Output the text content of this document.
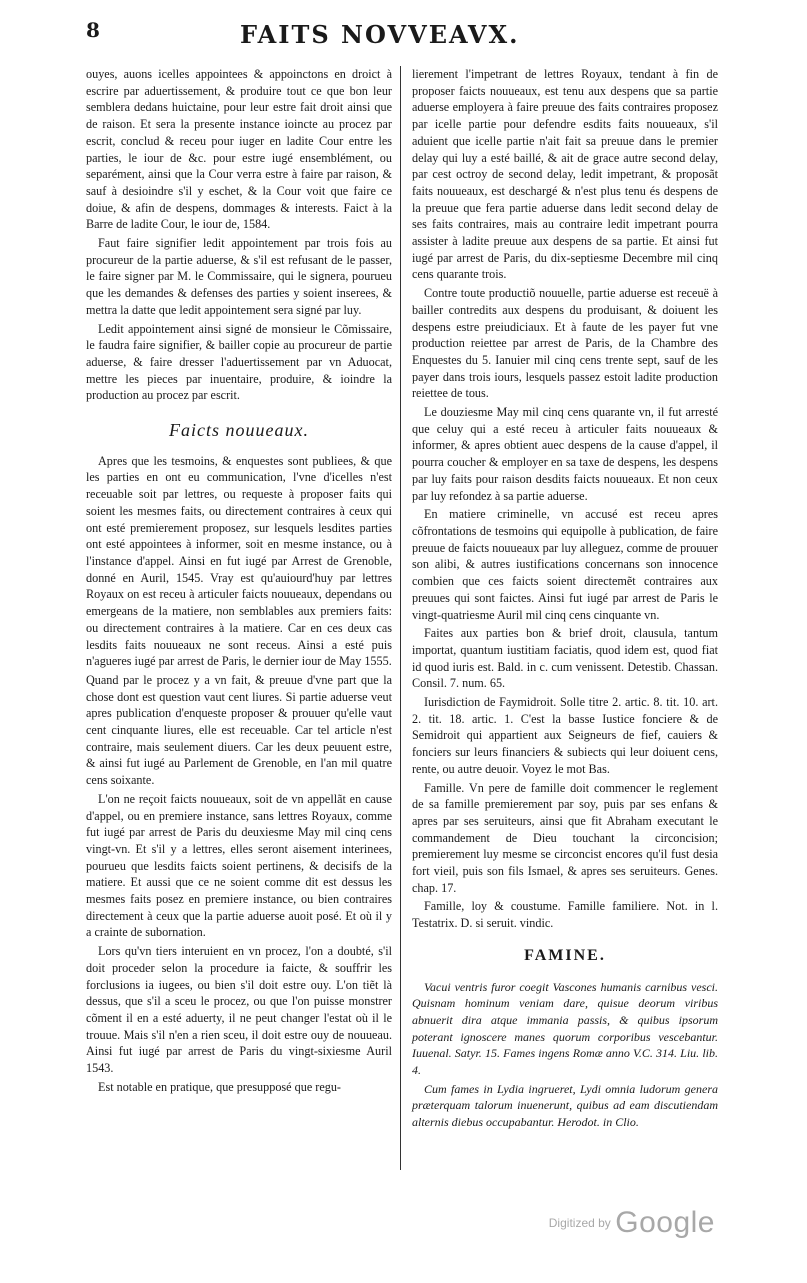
8	FAITS NOVVEAVX.

ouyes, auons icelles appointees & appoinctons en droict à escrire par aduertissement, & produire tout ce que bon leur semblera dedans huictaine, pour leur estre fait droit ainsi que de raison. Et sera la presente instance ioincte au procez par escrit, conclud & receu pour iuger en ladite Cour entre les parties, le iour de &c. pour estre iugé ensemblément, ou separément, ainsi que la Cour verra estre à faire par raison, & sauf à desioindre s'il y eschet, & la Cour voit que faire ce doiue, & afin de despens, dommages & interests. Faict à la Barre de ladite Cour, le iour de, 1584.

Faut faire signifier ledit appointement par trois fois au procureur de la partie aduerse, & s'il est refusant de le passer, le faire signer par M. le Commissaire, qui le signera, pourueu que les demandes & defenses des parties y soient inserees, & mettra la datte que ledit appointement sera signé par luy.

Ledit appointement ainsi signé de monsieur le Cõmissaire, le faudra faire signifier, & bailler copie au procureur de partie aduerse, & faire dresser l'aduertissement par vn Aduocat, mettre les pieces par inuentaire, produire, & ioindre la production au procez par escrit.

Faicts nouueaux.

Apres que les tesmoins, & enquestes sont publiees, & que les parties en ont eu communication, l'vne d'icelles n'est receuable soit par lettres, ou requeste à proposer faits qui soient les mesmes faits, ou directement contraires à ceux qui ont esté premierement proposez, sur lesquels lesdites parties ont esté appointees à informer, soit en mesme instance, ou à l'instance d'appel. Ainsi en fut iugé par Arrest de Grenoble, donné en Auril, 1545. Vray est qu'auiourd'huy par lettres Royaux on est receu à articuler faicts nouueaux, dependans ou emergeans de la matiere, non semblables aux premiers faits: ou directement contraires à la matiere. Car en ces deux cas lesdits faits nouueaux ne sont receus. Ainsi a esté puis n'agueres iugé par arrest de Paris, le dernier iour de May 1555.

Quand par le procez y a vn fait, & preuue d'vne part que la chose dont est question vaut cent liures. Si partie aduerse veut apres publication d'enqueste proposer & prouuer qu'elle vaut cent cinquante liures, elle est receuable. Car tel article n'est contraire, mais seulement diuers. Car les deux peuuent estre, & ainsi fut iugé au Parlement de Grenoble, en l'an mil quatre cens soixante.

L'on ne reçoit faicts nouueaux, soit de vn appellãt en cause d'appel, ou en premiere instance, sans lettres Royaux, comme fut iugé par arrest de Paris du deuxiesme May mil cinq cens vingt-vn. Et s'il y a lettres, elles seront aisement interinees, pourueu que lesdits faicts soient pertinens, & decisifs de la matiere. Et aussi que ce ne soient comme dit est dessus les mesmes faits posez en premiere instance, ou bien contraires directement à ceux que la partie aduerse auoit posé. Et où il y a crainte de subornation.

Lors qu'vn tiers interuient en vn procez, l'on a doubté, s'il doit proceder selon la procedure ia faicte, & souffrir les forclusions ia iugees, ou bien s'il doit estre ouy. L'on tiẽt là dessus, que s'il a sceu le procez, ou que l'on puisse monstrer cõment il en a esté aduerty, il ne peut changer l'estat où il le trouue. Mais s'il n'en a rien sceu, il doit estre ouy de nouueau. Ainsi fut iugé par arrest de Paris du vingt-sixiesme Auril 1543.

Est notable en pratique, que presupposé que regu-

lierement l'impetrant de lettres Royaux, tendant à fin de proposer faicts nouueaux, est tenu aux despens que sa partie aduerse employera à faire preuue des faits contraires proposez par icelle partie pour defendre esdits faits nouueaux, s'il aduient que icelle partie n'ait fait sa preuue dans le premier delay qui luy a esté baillé, & ait de grace autre second delay, par cest octroy de second delay, ledit impetrant, & proposãt faits nouueaux, est deschargé & n'est plus tenu és despens de la preuue que fera partie aduerse dans ledit second delay de ses faits contraires, mais au contraire ledit impetrant pourra assister à ladite preuue aux despens de sa partie. Et ainsi fut iugé par arrest de Paris, du dix-septiesme Decembre mil cinq cens quarante trois.

Contre toute productiõ nouuelle, partie aduerse est receuë à bailler contredits aux despens du produisant, & doiuent les despens estre preiudiciaux. Et à faute de les payer fut vne production reiettee par arrest de Paris, de la Chambre des Enquestes du 5. Ianuier mil cinq cens trente sept, sauf de les payer dans trois iours, lesquels passez estoit ladite production reiettee de tous.

Le douziesme May mil cinq cens quarante vn, il fut arresté que celuy qui a esté receu à articuler faits nouueaux & informer, & apres obtient auec despens de la cause d'appel, il pourra coucher & employer en sa taxe de despens, les despens par luy faits pour raison desdits faicts nouueaux. Et non ceux par luy refondez à sa partie aduerse.

En matiere criminelle, vn accusé est receu apres cõfrontations de tesmoins qui equipolle à publication, de faire preuue de faicts nouueaux par luy alleguez, comme de prouuer son alibi, & autres iustifications concernans son innocence combien que ces faicts soient directemẽt contraires aux preuues qui sont faictes. Ainsi fut iugé par arrest de Paris le vingt-quatriesme Auril mil cinq cens cinquante vn.

Faites aux parties bon & brief droit, clausula, tantum importat, quantum iustitiam faciatis, quod idem est, quod fiat id quod iuris est. Bald. in c. cum venissent. Detestib. Chassan. Consil. 7. num. 65.

Iurisdiction de Faymidroit. Solle titre 2. artic. 8. tit. 10. art. 2. tit. 18. artic. 1. C'est la basse Iustice fonciere & de Semidroit qui appartient aux Seigneurs de fief, cauiers & fonciers sur leurs financiers & subiects qui leur doiuent cens, rente, ou autre deuoir. Voyez le mot Bas.

Famille. Vn pere de famille doit commencer le reglement de sa famille premierement par soy, puis par ses enfans & apres par ses seruiteurs, ainsi que fit Abraham executant le commandement de Dieu touchant la circoncision; premierement luy mesme se circoncist encores qu'il fust desia fort vieil, puis son fils Ismael, & apres ses seruiteurs. Genes. chap. 17.

Famille, loy & coustume. Famille familiere. Not. in l. Testatrix. D. si seruit. vindic.

FAMINE.

Vacui ventris furor coegit Vascones humanis carnibus vesci. Quisnam hominum veniam dare, quisue deorum viribus abnuerit dira atque immania passis, & quibus ipsorum poterant ignoscere manes quorum corporibus vescebantur. Iuuenal. Satyr. 15. Fames ingens Romæ anno V.C. 314. Liu. lib. 4.

Cum fames in Lydia ingrueret, Lydi omnia ludorum genera præterquam talorum inuenerunt, quibus ad eam discutiendam alternis diebus occupabantur. Herodot. in Clio.

Digitized by Google
